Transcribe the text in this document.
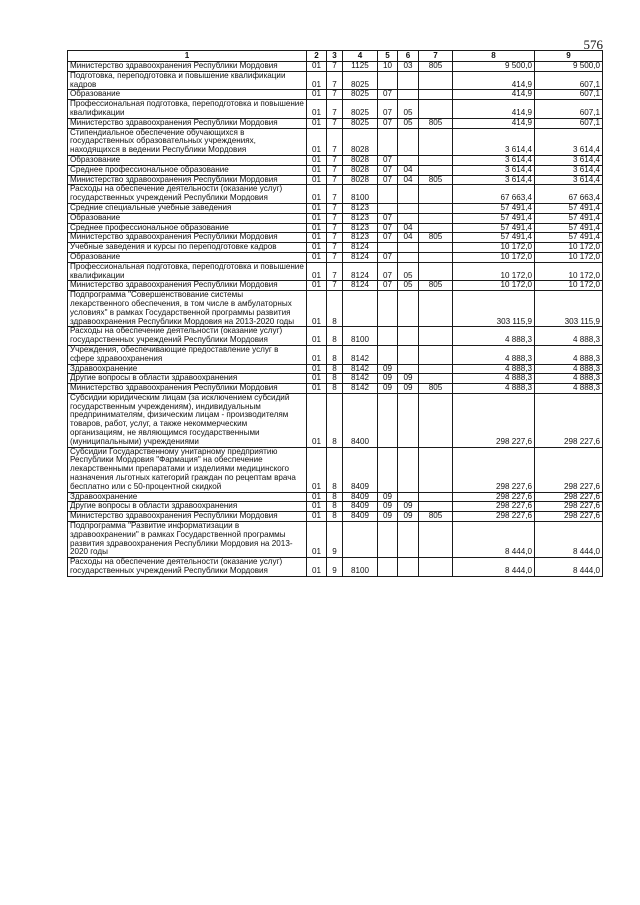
576
1	2	3	4	5	6	7	8	9
Министерство здравоохранения Республики Мордовия	01	7	1125	10	03	805	9 500,0	9 500,0
Подготовка, переподготовка и повышение квалификации кадров	01	7	8025				414,9	607,1
Образование	01	7	8025	07			414,9	607,1
Профессиональная подготовка, переподготовка и повышение квалификации	01	7	8025	07	05		414,9	607,1
Министерство здравоохранения Республики Мордовия	01	7	8025	07	05	805	414,9	607,1
Стипендиальное обеспечение обучающихся в государственных образовательных учреждениях, находящихся в ведении Республики Мордовия	01	7	8028				3 614,4	3 614,4
Образование	01	7	8028	07			3 614,4	3 614,4
Среднее профессиональное образование	01	7	8028	07	04		3 614,4	3 614,4
Министерство здравоохранения Республики Мордовия	01	7	8028	07	04	805	3 614,4	3 614,4
Расходы на обеспечение деятельности (оказание услуг) государственных учреждений Республики Мордовия	01	7	8100				67 663,4	67 663,4
Средние специальные учебные заведения	01	7	8123				57 491,4	57 491,4
Образование	01	7	8123	07			57 491,4	57 491,4
Среднее профессиональное образование	01	7	8123	07	04		57 491,4	57 491,4
Министерство здравоохранения Республики Мордовия	01	7	8123	07	04	805	57 491,4	57 491,4
Учебные заведения и курсы по переподготовке кадров	01	7	8124				10 172,0	10 172,0
Образование	01	7	8124	07			10 172,0	10 172,0
Профессиональная подготовка, переподготовка и повышение квалификации	01	7	8124	07	05		10 172,0	10 172,0
Министерство здравоохранения Республики Мордовия	01	7	8124	07	05	805	10 172,0	10 172,0
Подпрограмма "Совершенствование системы лекарственного обеспечения, в том числе в амбулаторных условиях" в рамках Государственной программы развития здравоохранения Республики Мордовия на 2013-2020 годы	01	8					303 115,9	303 115,9
Расходы на обеспечение деятельности (оказание услуг) государственных учреждений Республики Мордовия	01	8	8100				4 888,3	4 888,3
Учреждения, обеспечивающие предоставление услуг в сфере здравоохранения	01	8	8142				4 888,3	4 888,3
Здравоохранение	01	8	8142	09			4 888,3	4 888,3
Другие вопросы в области здравоохранения	01	8	8142	09	09		4 888,3	4 888,3
Министерство здравоохранения Республики Мордовия	01	8	8142	09	09	805	4 888,3	4 888,3
Субсидии юридическим лицам (за исключением субсидий государственным учреждениям), индивидуальным предпринимателям, физическим лицам - производителям товаров, работ, услуг, а также некоммерческим организациям, не являющимся государственными (муниципальными) учреждениями	01	8	8400				298 227,6	298 227,6
Субсидии Государственному унитарному предприятию Республики Мордовия "Фармация" на обеспечение лекарственными препаратами и изделиями медицинского назначения льготных категорий граждан по рецептам врача бесплатно или с 50-процентной скидкой	01	8	8409				298 227,6	298 227,6
Здравоохранение	01	8	8409	09			298 227,6	298 227,6
Другие вопросы в области здравоохранения	01	8	8409	09	09		298 227,6	298 227,6
Министерство здравоохранения Республики Мордовия	01	8	8409	09	09	805	298 227,6	298 227,6
Подпрограмма "Развитие информатизации в здравоохранении" в рамках Государственной программы развития здравоохранения Республики Мордовия на 2013-2020 годы	01	9					8 444,0	8 444,0
Расходы на обеспечение деятельности (оказание услуг) государственных учреждений Республики Мордовия	01	9	8100				8 444,0	8 444,0
